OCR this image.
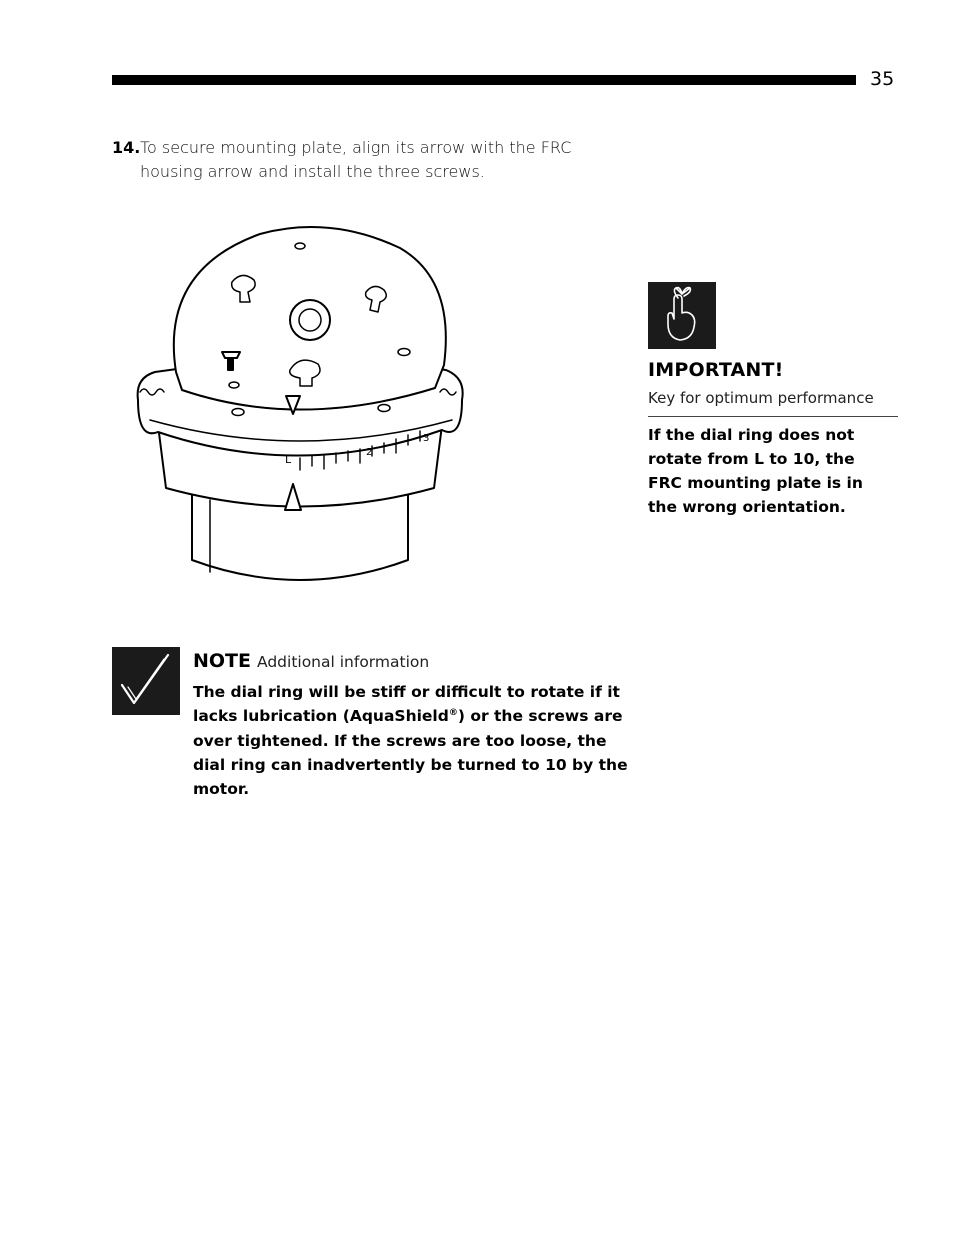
35
14. To secure mounting plate, align its arrow with the FRC housing arrow and install the three screws.
L
2
3
IMPORTANT!
Key for optimum performance
If the dial ring does not rotate from L to 10, the FRC mounting plate is in the wrong orientation.
NOTE Additional information
The dial ring will be stiff or difficult to rotate if it lacks lubrication (AquaShield®) or the screws are over tightened. If the screws are too loose, the dial ring can inadvertently be turned to 10 by the motor.
